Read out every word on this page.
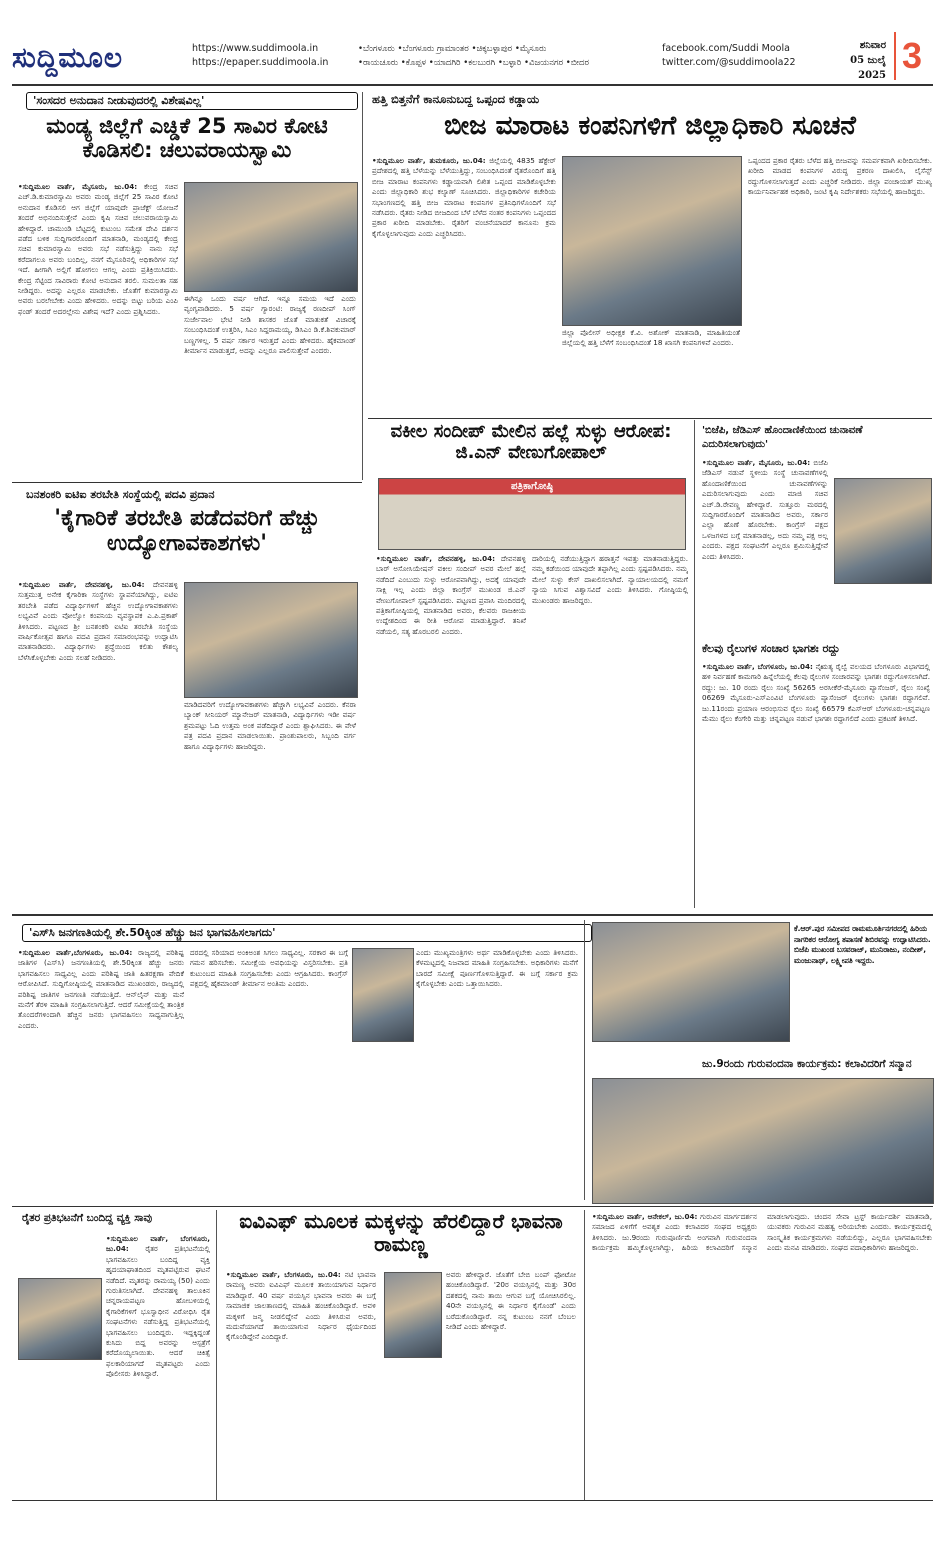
ಸುದ್ದಿಮೂಲ	https://www.suddimoola.in
https://epaper.suddimoola.in
•ಬೆಂಗಳೂರು •ಬೆಂಗಳೂರು ಗ್ರಾಮಾಂತರ •ಚಿಕ್ಕಬಳ್ಳಾಪುರ •ಮೈಸೂರು
•ರಾಯಚೂರು •ಕೊಪ್ಪಳ •ಯಾದಗಿರಿ •ಕಲಬುರಗಿ •ಬಳ್ಳಾರಿ •ವಿಜಯನಗರ •ಬೀದರ
facebook.com/Suddi Moola
twitter.com/@suddimoola22
ಶನಿವಾರ
05 ಜುಲೈ 2025 3
'ಸಂಸದರ ಅನುದಾನ ನೀಡುವುದರಲ್ಲಿ ವಿಶೇಷವಿಲ್ಲ'
ಮಂಡ್ಯ ಜಿಲ್ಲೆಗೆ ಎಚ್ಡಿಕೆ 25 ಸಾವಿರ ಕೋಟಿ ಕೊಡಿಸಲಿ: ಚಲುವರಾಯಸ್ವಾಮಿ
•ಸುದ್ದಿಮೂಲ ವಾರ್ತೆ, ಮೈಸೂರು, ಜು.04: ಕೇಂದ್ರ ಸಚಿವ ಎಚ್.ಡಿ.ಕುಮಾರಸ್ವಾಮಿ ಅವರು ಮಂಡ್ಯ ಜಿಲ್ಲೆಗೆ 25 ಸಾವಿರ ಕೋಟಿ ಅನುದಾನ ಕೊಡಿಸಲಿ ಆಗ ಜಿಲ್ಲೆಗೆ ಯಾವುದೇ ಪ್ರಾಜೆಕ್ಟ್ ಯೋಜನೆ ತಂದರೆ ಅಭಿನಂದಿಸುತ್ತೇನೆ ಎಂದು ಕೃಷಿ ಸಚಿವ ಚಲುವರಾಯಸ್ವಾಮಿ ಹೇಳಿದ್ದಾರೆ. ಚಾಮುಂಡಿ ಬೆಟ್ಟದಲ್ಲಿ ಕುಟುಂಬ ಸಮೇತ ದೇವಿ ದರ್ಶನ ಪಡೆದ ಬಳಿಕ ಸುದ್ದಿಗಾರರೊಂದಿಗೆ ಮಾತನಾಡಿ, ಮಂಡ್ಯದಲ್ಲಿ ಕೇಂದ್ರ ಸಚಿವ ಕುಮಾರಸ್ವಾಮಿ ಅವರು ಸಭೆ ನಡೆಸುತ್ತಿದ್ದು ನಾನು ಸಭೆ ಕರೆದಾಗಲೂ ಅವರು ಬಂದಿಲ್ಲ, ನನಗೆ ಮೈಸೂರಿನಲ್ಲಿ ಅಧಿಕಾರಿಗಳ ಸಭೆ ಇದೆ. ಹೀಗಾಗಿ ಅಲ್ಲಿಗೆ ಹೋಗಲು ಆಗಲ್ಲ ಎಂದು ಪ್ರತಿಕ್ರಿಯಿಸಿದರು. ಕೇಂದ್ರ ಸೆಟ್ಟಿಂದ ಸಾವಿರಾರು ಕೋಟಿ ಅನುದಾನ ತರಲಿ. ಸುಮಲತಾ ಸಹ ನೀಡಿದ್ದರು. ಅದನ್ನು ಎಲ್ಲರೂ ಮಾಡಬೇಕು. ಜೊತೆಗೆ ಕುಮಾರಸ್ವಾಮಿ ಅವರು ಬರಲೇಬೇಕು ಎಂದು ಹೇಳಿದರು. ಅದನ್ನು ಬಿಟ್ಟು ಬರಿಯ ಎಂಪಿ ಫಂಡ್ ತಂದರೆ ಅದರಲ್ಲೇನು ವಿಶೇಷ ಇದೆ? ಎಂದು ಪ್ರಶ್ನಿಸಿದರು.
ಈಗಿನ್ನೂ ಒಂದು ವರ್ಷ ಆಗಿದೆ. ಇನ್ನೂ ಸಮಯ ಇದೆ ಎಂದು ವ್ಯಂಗ್ಯವಾಡಿದರು. 5 ವರ್ಷ ಗ್ಯಾರಂಟಿ: ರಾಜ್ಯಕ್ಕೆ ರಣದೀಪ್ ಸಿಂಗ್ ಸುರ್ಜೇವಾಲ ಭೇಟಿ ನೀಡಿ ಶಾಸಕರ ಜೊತೆ ಮಾತುಕತೆ ವಿಚಾರಕ್ಕೆ ಸಂಬಂಧಿಸಿದಂತೆ ಉತ್ತರಿಸಿ, ಸಿಎಂ ಸಿದ್ದರಾಮಯ್ಯ, ಡಿಸಿಎಂ ಡಿ.ಕೆ.ಶಿವಕುಮಾರ್ ಬಣ್ಣಗಳಿಲ್ಲ. 5 ವರ್ಷ ಸರ್ಕಾರ ಇರುತ್ತದೆ ಎಂದು ಹೇಳಿದರು. ಹೈಕಮಾಂಡ್ ತೀರ್ಮಾನ ಮಾಡುತ್ತದೆ, ಅದನ್ನು ಎಲ್ಲರೂ ಪಾಲಿಸುತ್ತೇವೆ ಎಂದರು.
ಹತ್ತಿ ಬಿತ್ತನೆಗೆ ಕಾನೂನುಬದ್ಧ ಒಪ್ಪಂದ ಕಡ್ಡಾಯ
ಬೀಜ ಮಾರಾಟ ಕಂಪನಿಗಳಿಗೆ ಜಿಲ್ಲಾಧಿಕಾರಿ ಸೂಚನೆ
•ಸುದ್ದಿಮೂಲ ವಾರ್ತೆ, ತುಮಕೂರು, ಜು.04: ಜಿಲ್ಲೆಯಲ್ಲಿ 4835 ಹೆಕ್ಟೇರ್ ಪ್ರದೇಶದಲ್ಲಿ ಹತ್ತಿ ಬೆಳೆಯನ್ನು ಬೆಳೆಯುತ್ತಿದ್ದು, ಸಂಬಂಧಿಸಿದಂತೆ ರೈತರೊಂದಿಗೆ ಹತ್ತಿ ಬೀಜ ಮಾರಾಟ ಕಂಪನಿಗಳು ಕಡ್ಡಾಯವಾಗಿ ಲಿಖಿತ ಒಪ್ಪಂದ ಮಾಡಿಕೊಳ್ಳಬೇಕು ಎಂದು ಜಿಲ್ಲಾಧಿಕಾರಿ ಶುಭ ಕಲ್ಯಾಣ್ ಸೂಚಿಸಿದರು. ಜಿಲ್ಲಾಧಿಕಾರಿಗಳ ಕಚೇರಿಯ ಸಭಾಂಗಣದಲ್ಲಿ ಹತ್ತಿ ಬೀಜ ಮಾರಾಟ ಕಂಪನಿಗಳ ಪ್ರತಿನಿಧಿಗಳೊಂದಿಗೆ ಸಭೆ ನಡೆಸಿದರು. ರೈತರು ನೀಡಿದ ಬೀಜದಿಂದ ಬೆಳೆ ಬೆಳೆದ ನಂತರ ಕಂಪನಿಗಳು ಒಪ್ಪಂದದ ಪ್ರಕಾರ ಖರೀದಿ ಮಾಡಬೇಕು. ರೈತರಿಗೆ ವಂಚನೆಯಾದರೆ ಕಾನೂನು ಕ್ರಮ ಕೈಗೊಳ್ಳಲಾಗುವುದು ಎಂದು ಎಚ್ಚರಿಸಿದರು.
ಜಿಲ್ಲಾ ಪೊಲೀಸ್ ಅಧೀಕ್ಷಕ ಕೆ.ವಿ. ಅಶೋಕ್ ಮಾತನಾಡಿ, ಮಾಹಿತಿಯಂತೆ ಜಿಲ್ಲೆಯಲ್ಲಿ ಹತ್ತಿ ಬೆಳೆಗೆ ಸಂಬಂಧಿಸಿದಂತೆ 18 ಖಾಸಗಿ ಕಂಪನಿಗಳಿವೆ ಎಂದರು.
ಒಪ್ಪಂದದ ಪ್ರಕಾರ ರೈತರು ಬೆಳೆದ ಹತ್ತಿ ಬೀಜವನ್ನು ಸಮರ್ಪಕವಾಗಿ ಖರೀದಿಸಬೇಕು. ಖರೀದಿ ಮಾಡದ ಕಂಪನಿಗಳ ವಿರುದ್ಧ ಪ್ರಕರಣ ದಾಖಲಿಸಿ, ಲೈಸೆನ್ಸ್ ರದ್ದುಗೊಳಿಸಲಾಗುತ್ತದೆ ಎಂದು ಎಚ್ಚರಿಕೆ ನೀಡಿದರು. ಜಿಲ್ಲಾ ಪಂಚಾಯತ್ ಮುಖ್ಯ ಕಾರ್ಯನಿರ್ವಾಹಕ ಅಧಿಕಾರಿ, ಜಂಟಿ ಕೃಷಿ ನಿರ್ದೇಶಕರು ಸಭೆಯಲ್ಲಿ ಹಾಜರಿದ್ದರು.
ವಕೀಲ ಸಂದೀಪ್ ಮೇಲಿನ ಹಲ್ಲೆ ಸುಳ್ಳು ಆರೋಪ: ಜಿ.ಎನ್ ವೇಣುಗೋಪಾಲ್
ಪತ್ರಿಕಾಗೋಷ್ಠಿ
•ಸುದ್ದಿಮೂಲ ವಾರ್ತೆ, ದೇವನಹಳ್ಳಿ, ಜು.04: ದೇವನಹಳ್ಳಿ ಬಾರ್ ಅಸೋಸಿಯೇಷನ್ ವಕೀಲ ಸಂದೀಪ್ ಅವರ ಮೇಲೆ ಹಲ್ಲೆ ನಡೆದಿದೆ ಎಂಬುದು ಸುಳ್ಳು ಆರೋಪವಾಗಿದ್ದು, ಅದಕ್ಕೆ ಯಾವುದೇ ಸಾಕ್ಷಿ ಇಲ್ಲ ಎಂದು ಜಿಲ್ಲಾ ಕಾಂಗ್ರೆಸ್ ಮುಖಂಡ ಜಿ.ಎನ್ ವೇಣುಗೋಪಾಲ್ ಸ್ಪಷ್ಟಪಡಿಸಿದರು. ಪಟ್ಟಣದ ಪ್ರವಾಸಿ ಮಂದಿರದಲ್ಲಿ ಪತ್ರಿಕಾಗೋಷ್ಠಿಯಲ್ಲಿ ಮಾತನಾಡಿದ ಅವರು, ಕೆಲವರು ರಾಜಕೀಯ ಉದ್ದೇಶದಿಂದ ಈ ರೀತಿ ಆರೋಪ ಮಾಡುತ್ತಿದ್ದಾರೆ. ತನಿಖೆ ನಡೆಯಲಿ, ಸತ್ಯ ಹೊರಬರಲಿ ಎಂದರು.
ದಾರಿಯಲ್ಲಿ ನಡೆಯುತ್ತಿದ್ದಾಗ ಹಠಾತ್ತನೆ ಇವತ್ತು ಮಾತನಾಡುತ್ತಿದ್ದರು. ನಮ್ಮ ಕಡೆಯಿಂದ ಯಾವುದೇ ತಪ್ಪಾಗಿಲ್ಲ ಎಂದು ಸ್ಪಷ್ಟಪಡಿಸಿದರು. ನಮ್ಮ ಮೇಲೆ ಸುಳ್ಳು ಕೇಸ್ ದಾಖಲಿಸಲಾಗಿದೆ. ನ್ಯಾಯಾಲಯದಲ್ಲಿ ನಮಗೆ ನ್ಯಾಯ ಸಿಗುವ ವಿಶ್ವಾಸವಿದೆ ಎಂದು ತಿಳಿಸಿದರು. ಗೋಷ್ಠಿಯಲ್ಲಿ ಮುಖಂಡರು ಹಾಜರಿದ್ದರು.
'ಬಿಜೆಪಿ, ಜೆಡಿಎಸ್ ಹೊಂದಾಣಿಕೆಯಿಂದ ಚುನಾವಣೆ ಎದುರಿಸಲಾಗುವುದು'
•ಸುದ್ದಿಮೂಲ ವಾರ್ತೆ, ಮೈಸೂರು, ಜು.04: ಬಿಜೆಪಿ ಜೆಡಿಎಸ್ ನಡುವೆ ಸ್ಥಳೀಯ ಸಂಸ್ಥೆ ಚುನಾವಣೆಗಳಲ್ಲಿ ಹೊಂದಾಣಿಕೆಯಿಂದ ಚುನಾವಣೆಗಳನ್ನು ಎದುರಿಸಲಾಗುವುದು ಎಂದು ಮಾಜಿ ಸಚಿವ ಎಚ್.ಡಿ.ರೇವಣ್ಣ ಹೇಳಿದ್ದಾರೆ. ಸುತ್ತೂರು ಮಠದಲ್ಲಿ ಸುದ್ದಿಗಾರರೊಂದಿಗೆ ಮಾತನಾಡಿದ ಅವರು, ಸರ್ಕಾರ ಎಲ್ಲಾ ಹೊಣೆ ಹೊರಬೇಕು. ಕಾಂಗ್ರೆಸ್ ಪಕ್ಷದ ಒಳಜಗಳದ ಬಗ್ಗೆ ಮಾತನಾಡಲ್ಲ, ಅದು ನಮ್ಮ ಪಕ್ಷ ಅಲ್ಲ ಎಂದರು. ಪಕ್ಷದ ಸಂಘಟನೆಗೆ ಎಲ್ಲರೂ ಶ್ರಮಿಸುತ್ತಿದ್ದೇವೆ ಎಂದು ತಿಳಿಸಿದರು.
ಕೆಲವು ರೈಲುಗಳ ಸಂಚಾರ ಭಾಗಶಃ ರದ್ದು
•ಸುದ್ದಿಮೂಲ ವಾರ್ತೆ, ಬೆಂಗಳೂರು, ಜು.04: ನೈಋತ್ಯ ರೈಲ್ವೆ ವಲಯದ ಬೆಂಗಳೂರು ವಿಭಾಗದಲ್ಲಿ ಹಳಿ ನಿರ್ವಹಣೆ ಕಾಮಗಾರಿ ಹಿನ್ನೆಲೆಯಲ್ಲಿ ಕೆಲವು ರೈಲುಗಳ ಸಂಚಾರವನ್ನು ಭಾಗಶಃ ರದ್ದುಗೊಳಿಸಲಾಗಿದೆ. ರದ್ದು: ಜು. 10 ರಂದು ರೈಲು ಸಂಖ್ಯೆ 56265 ಅರಸೀಕೆರೆ-ಮೈಸೂರು ಪ್ಯಾಸೆಂಜರ್, ರೈಲು ಸಂಖ್ಯೆ 06269 ಮೈಸೂರು-ಎಸ್ಎಂವಿಟಿ ಬೆಂಗಳೂರು ಪ್ಯಾಸೆಂಜರ್ ರೈಲುಗಳು ಭಾಗಶಃ ರದ್ದಾಗಲಿವೆ. ಜು.11ರಂದು ಪ್ರಯಾಣ ಆರಂಭಿಸುವ ರೈಲು ಸಂಖ್ಯೆ 66579 ಕೆಎಸ್ಆರ್ ಬೆಂಗಳೂರು-ಚನ್ನಪಟ್ಟಣ ಮೆಮು ರೈಲು ಕೆಂಗೇರಿ ಮತ್ತು ಚನ್ನಪಟ್ಟಣ ನಡುವೆ ಭಾಗಶಃ ರದ್ದಾಗಲಿದೆ ಎಂದು ಪ್ರಕಟಣೆ ತಿಳಿಸಿದೆ.
ಬನಶಂಕರಿ ಐಟಿಐ ತರಬೇತಿ ಸಂಸ್ಥೆಯಲ್ಲಿ ಪದವಿ ಪ್ರದಾನ
'ಕೈಗಾರಿಕೆ ತರಬೇತಿ ಪಡೆದವರಿಗೆ ಹೆಚ್ಚು ಉದ್ಯೋಗಾವಕಾಶಗಳು'
•ಸುದ್ದಿಮೂಲ ವಾರ್ತೆ, ದೇವನಹಳ್ಳಿ, ಜು.04: ದೇವನಹಳ್ಳಿ ಸುತ್ತಮುತ್ತ ಅನೇಕ ಕೈಗಾರಿಕಾ ಸಂಸ್ಥೆಗಳು ಸ್ಥಾಪನೆಯಾಗಿದ್ದು, ಐಟಿಐ ತರಬೇತಿ ಪಡೆದ ವಿದ್ಯಾರ್ಥಿಗಳಿಗೆ ಹೆಚ್ಚಿನ ಉದ್ಯೋಗಾವಕಾಶಗಳು ಲಭ್ಯವಿವೆ ಎಂದು ವೋಲ್ವೋ ಕಂಪನಿಯ ವ್ಯವಸ್ಥಾಪಕ ಎ.ಪಿ.ಪ್ರಕಾಶ್ ತಿಳಿಸಿದರು. ಪಟ್ಟಣದ ಶ್ರೀ ಬನಶಂಕರಿ ಐಟಿಐ ತರಬೇತಿ ಸಂಸ್ಥೆಯ ವಾರ್ಷಿಕೋತ್ಸವ ಹಾಗೂ ಪದವಿ ಪ್ರದಾನ ಸಮಾರಂಭವನ್ನು ಉದ್ಘಾಟಿಸಿ ಮಾತನಾಡಿದರು. ವಿದ್ಯಾರ್ಥಿಗಳು ಶ್ರದ್ಧೆಯಿಂದ ಕಲಿತು ಕೌಶಲ್ಯ ಬೆಳೆಸಿಕೊಳ್ಳಬೇಕು ಎಂದು ಸಲಹೆ ನೀಡಿದರು.
ಮಾಡಿದವರಿಗೆ ಉದ್ಯೋಗಾವಕಾಶಗಳು ಹೆಚ್ಚಾಗಿ ಲಭ್ಯವಿವೆ ಎಂದರು. ಕೆನರಾ ಬ್ಯಾಂಕ್ ಸೀನಿಯರ್ ಮ್ಯಾನೇಜರ್ ಮಾತನಾಡಿ, ವಿದ್ಯಾರ್ಥಿಗಳು ಇಡೀ ವರ್ಷ ಶ್ರಮಪಟ್ಟು ಓದಿ ಉತ್ತಮ ಅಂಕ ಪಡೆದಿದ್ದಾರೆ ಎಂದು ಶ್ಲಾಘಿಸಿದರು. ಈ ವೇಳೆ ಪತ್ರ ಪದವಿ ಪ್ರದಾನ ಮಾಡಲಾಯಿತು. ಪ್ರಾಂಶುಪಾಲರು, ಸಿಬ್ಬಂದಿ ವರ್ಗ ಹಾಗೂ ವಿದ್ಯಾರ್ಥಿಗಳು ಹಾಜರಿದ್ದರು.
'ಎಸ್‌ಸಿ ಜನಗಣತಿಯಲ್ಲಿ ಶೇ.50ಕ್ಕಿಂತ ಹೆಚ್ಚು ಜನ ಭಾಗವಹಿಸಲಾಗದು'
•ಸುದ್ದಿಮೂಲ ವಾರ್ತೆ,ಬೆಂಗಳೂರು, ಜು.04: ರಾಜ್ಯದಲ್ಲಿ ಪರಿಶಿಷ್ಟ ಜಾತಿಗಳ (ಎಸ್‌ಸಿ) ಜನಗಣತಿಯಲ್ಲಿ ಶೇ.50ಕ್ಕಿಂತ ಹೆಚ್ಚು ಜನರು ಭಾಗವಹಿಸಲು ಸಾಧ್ಯವಿಲ್ಲ ಎಂದು ಪರಿಶಿಷ್ಟ ಜಾತಿ ಹಿತರಕ್ಷಣಾ ವೇದಿಕೆ ಆರೋಪಿಸಿದೆ. ಸುದ್ದಿಗೋಷ್ಠಿಯಲ್ಲಿ ಮಾತನಾಡಿದ ಮುಖಂಡರು, ರಾಜ್ಯದಲ್ಲಿ ಪರಿಶಿಷ್ಟ ಜಾತಿಗಳ ಜನಗಣತಿ ನಡೆಯುತ್ತಿದೆ. ಆನ್‌ಲೈನ್ ಮತ್ತು ಮನೆ ಮನೆಗೆ ತೆರಳಿ ಮಾಹಿತಿ ಸಂಗ್ರಹಿಸಲಾಗುತ್ತಿದೆ. ಆದರೆ ಸಮೀಕ್ಷೆಯಲ್ಲಿ ತಾಂತ್ರಿಕ ತೊಂದರೆಗಳಿಂದಾಗಿ ಹೆಚ್ಚಿನ ಜನರು ಭಾಗವಹಿಸಲು ಸಾಧ್ಯವಾಗುತ್ತಿಲ್ಲ ಎಂದರು.
ದರದಲ್ಲಿ ಸರಿಯಾದ ಅಂಕಿಅಂಶ ಸಿಗಲು ಸಾಧ್ಯವಿಲ್ಲ. ಸರಕಾರ ಈ ಬಗ್ಗೆ ಗಮನ ಹರಿಸಬೇಕು. ಸಮೀಕ್ಷೆಯ ಅವಧಿಯನ್ನು ವಿಸ್ತರಿಸಬೇಕು. ಪ್ರತಿ ಕುಟುಂಬದ ಮಾಹಿತಿ ಸಂಗ್ರಹಿಸಬೇಕು ಎಂದು ಆಗ್ರಹಿಸಿದರು. ಕಾಂಗ್ರೆಸ್ ಪಕ್ಷದಲ್ಲಿ ಹೈಕಮಾಂಡ್ ತೀರ್ಮಾನ ಅಂತಿಮ ಎಂದರು.
ಎಂದು ಮುಖ್ಯಮಂತ್ರಿಗಳು ಅರ್ಥ ಮಾಡಿಕೊಳ್ಳಬೇಕು ಎಂದು ತಿಳಿಸಿದರು. ಕೆಳಮಟ್ಟದಲ್ಲಿ ನಿಜವಾದ ಮಾಹಿತಿ ಸಂಗ್ರಹಿಸಬೇಕು. ಅಧಿಕಾರಿಗಳು ಮನೆಗೆ ಬಾರದೆ ಸಮೀಕ್ಷೆ ಪೂರ್ಣಗೊಳಿಸುತ್ತಿದ್ದಾರೆ. ಈ ಬಗ್ಗೆ ಸರ್ಕಾರ ಕ್ರಮ ಕೈಗೊಳ್ಳಬೇಕು ಎಂದು ಒತ್ತಾಯಿಸಿದರು.
ಕೆ.ಆರ್.ಪುರ ಸಮೀಪದ ರಾಮಮೂರ್ತಿನಗರದಲ್ಲಿ ಹಿರಿಯ ನಾಗರಿಕರ ಆರೋಗ್ಯ ತಪಾಸಣೆ ಶಿಬಿರವನ್ನು ಉದ್ಘಾಟಿಸಿದರು. ಬಿಜೆಪಿ ಮುಖಂಡ ಬಸವರಾಜ್, ಮುನಿರಾಜು, ನಂದೀಶ್, ಮಂಜುನಾಥ್, ಲಕ್ಷ್ಮೀಪತಿ ಇದ್ದರು.
ಜು.9ರಂದು ಗುರುವಂದನಾ ಕಾರ್ಯಕ್ರಮ: ಕಲಾವಿದರಿಗೆ ಸನ್ಮಾನ
ರೈತರ ಪ್ರತಿಭಟನೆಗೆ ಬಂದಿದ್ದ ವ್ಯಕ್ತಿ ಸಾವು
•ಸುದ್ದಿಮೂಲ ವಾರ್ತೆ, ಬೆಂಗಳೂರು, ಜು.04: ರೈತರ ಪ್ರತಿಭಟನೆಯಲ್ಲಿ ಭಾಗವಹಿಸಲು ಬಂದಿದ್ದ ವ್ಯಕ್ತಿ ಹೃದಯಾಘಾತದಿಂದ ಮೃತಪಟ್ಟಿರುವ ಘಟನೆ ನಡೆದಿದೆ. ಮೃತರನ್ನು ರಾಮಯ್ಯ (50) ಎಂದು ಗುರುತಿಸಲಾಗಿದೆ. ದೇವನಹಳ್ಳಿ ತಾಲೂಕಿನ ಚನ್ನರಾಯಪಟ್ಟಣ ಹೋಬಳಿಯಲ್ಲಿ ಕೈಗಾರಿಕೆಗಳಿಗೆ ಭೂಸ್ವಾಧೀನ ವಿರೋಧಿಸಿ ರೈತ ಸಂಘಟನೆಗಳು ನಡೆಸುತ್ತಿದ್ದ ಪ್ರತಿಭಟನೆಯಲ್ಲಿ ಭಾಗವಹಿಸಲು ಬಂದಿದ್ದರು. ಇದ್ದಕ್ಕಿದ್ದಂತೆ ಕುಸಿದು ಬಿದ್ದ ಅವರನ್ನು ಆಸ್ಪತ್ರೆಗೆ ಕರೆದೊಯ್ಯಲಾಯಿತು. ಆದರೆ ಚಿಕಿತ್ಸೆ ಫಲಕಾರಿಯಾಗದೆ ಮೃತಪಟ್ಟರು ಎಂದು ಪೊಲೀಸರು ತಿಳಿಸಿದ್ದಾರೆ.
ಐವಿಎಫ್ ಮೂಲಕ ಮಕ್ಕಳನ್ನು ಹೆರಲಿದ್ದಾರೆ ಭಾವನಾ ರಾಮಣ್ಣ
•ಸುದ್ದಿಮೂಲ ವಾರ್ತೆ, ಬೆಂಗಳೂರು, ಜು.04: ನಟಿ ಭಾವನಾ ರಾಮಣ್ಣ ಅವರು ಐವಿಎಫ್ ಮೂಲಕ ತಾಯಿಯಾಗುವ ನಿರ್ಧಾರ ಮಾಡಿದ್ದಾರೆ. 40 ವರ್ಷ ವಯಸ್ಸಿನ ಭಾವನಾ ಅವರು ಈ ಬಗ್ಗೆ ಸಾಮಾಜಿಕ ಜಾಲತಾಣದಲ್ಲಿ ಮಾಹಿತಿ ಹಂಚಿಕೊಂಡಿದ್ದಾರೆ. ಅವಳಿ ಮಕ್ಕಳಿಗೆ ಜನ್ಮ ನೀಡಲಿದ್ದೇನೆ ಎಂದು ತಿಳಿಸಿರುವ ಅವರು, ಮದುವೆಯಾಗದೆ ತಾಯಿಯಾಗುವ ನಿರ್ಧಾರ ಧೈರ್ಯದಿಂದ ಕೈಗೊಂಡಿದ್ದೇನೆ ಎಂದಿದ್ದಾರೆ.
ಅವರು ಹೇಳಿದ್ದಾರೆ. ಜೊತೆಗೆ ಬೇಬಿ ಬಂಪ್ ಫೋಟೋ ಹಂಚಿಕೊಂಡಿದ್ದಾರೆ. '20ರ ವಯಸ್ಸಿನಲ್ಲಿ ಮತ್ತು 30ರ ದಶಕದಲ್ಲಿ ನಾನು ತಾಯಿ ಆಗುವ ಬಗ್ಗೆ ಯೋಚಿಸಿರಲಿಲ್ಲ. 40ನೇ ವಯಸ್ಸಿನಲ್ಲಿ ಈ ನಿರ್ಧಾರ ಕೈಗೊಂಡೆ' ಎಂದು ಬರೆದುಕೊಂಡಿದ್ದಾರೆ. ನನ್ನ ಕುಟುಂಬ ನನಗೆ ಬೆಂಬಲ ನೀಡಿದೆ ಎಂದು ಹೇಳಿದ್ದಾರೆ.
•ಸುದ್ದಿಮೂಲ ವಾರ್ತೆ, ಆನೇಕಲ್, ಜು.04: ಗುರುವಿನ ಮಾರ್ಗದರ್ಶನ ಸಮಾಜದ ಏಳಿಗೆಗೆ ಅವಶ್ಯಕ ಎಂದು ಕಲಾವಿದರ ಸಂಘದ ಅಧ್ಯಕ್ಷರು ತಿಳಿಸಿದರು. ಜು.9ರಂದು ಗುರುಪೂರ್ಣಿಮೆ ಅಂಗವಾಗಿ ಗುರುವಂದನಾ ಕಾರ್ಯಕ್ರಮ ಹಮ್ಮಿಕೊಳ್ಳಲಾಗಿದ್ದು, ಹಿರಿಯ ಕಲಾವಿದರಿಗೆ ಸನ್ಮಾನ ಮಾಡಲಾಗುವುದು. ಚಂದನ ಸೇವಾ ಟ್ರಸ್ಟ್ ಕಾರ್ಯದರ್ಶಿ ಮಾತನಾಡಿ, ಯುವಕರು ಗುರುವಿನ ಮಹತ್ವ ಅರಿಯಬೇಕು ಎಂದರು. ಕಾರ್ಯಕ್ರಮದಲ್ಲಿ ಸಾಂಸ್ಕೃತಿಕ ಕಾರ್ಯಕ್ರಮಗಳು ನಡೆಯಲಿದ್ದು, ಎಲ್ಲರೂ ಭಾಗವಹಿಸಬೇಕು ಎಂದು ಮನವಿ ಮಾಡಿದರು. ಸಂಘದ ಪದಾಧಿಕಾರಿಗಳು ಹಾಜರಿದ್ದರು.
